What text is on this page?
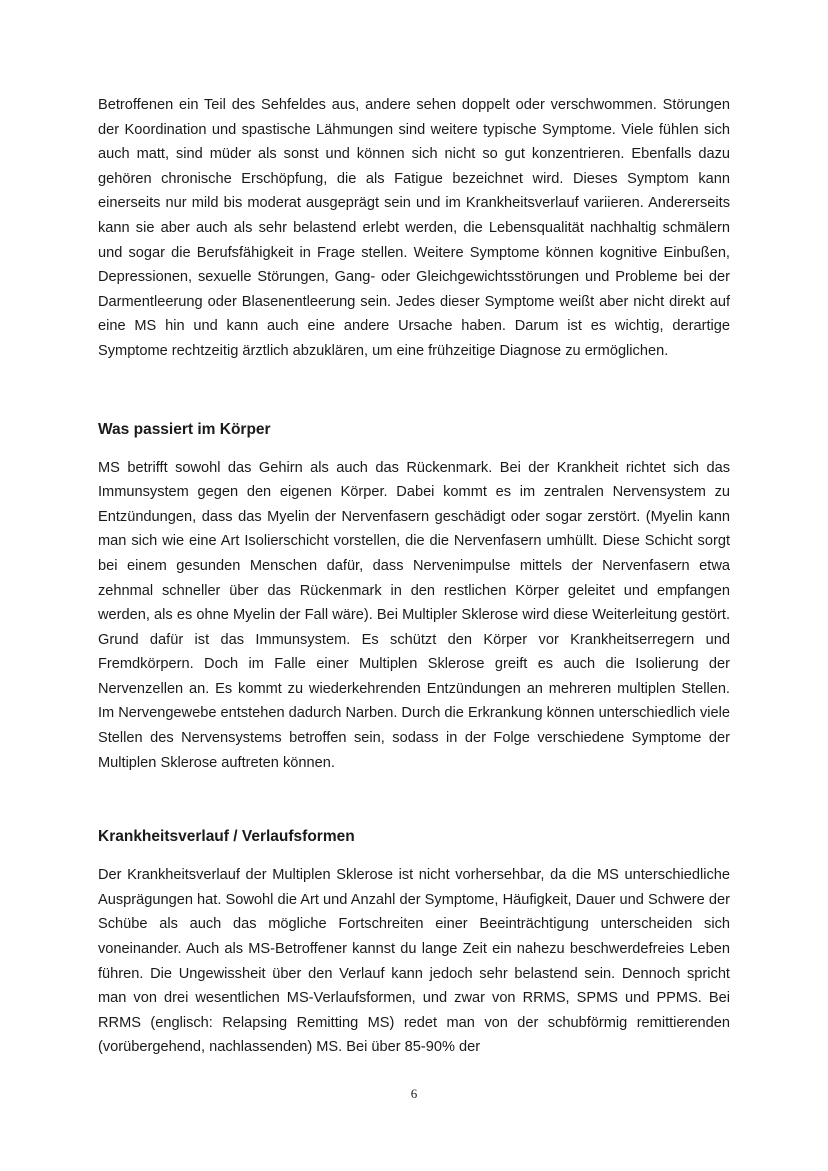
Betroffenen ein Teil des Sehfeldes aus, andere sehen doppelt oder verschwommen. Störungen der Koordination und spastische Lähmungen sind weitere typische Symptome. Viele fühlen sich auch matt, sind müder als sonst und können sich nicht so gut konzentrieren. Ebenfalls dazu gehören chronische Erschöpfung, die als Fatigue bezeichnet wird. Dieses Symptom kann einerseits nur mild bis moderat ausgeprägt sein und im Krankheitsverlauf variieren. Andererseits kann sie aber auch als sehr belastend erlebt werden, die Lebensqualität nachhaltig schmälern und sogar die Berufsfähigkeit in Frage stellen. Weitere Symptome können kognitive Einbußen, Depressionen, sexuelle Störungen, Gang- oder Gleichgewichtsstörungen und Probleme bei der Darmentleerung oder Blasenentleerung sein. Jedes dieser Symptome weißt aber nicht direkt auf eine MS hin und kann auch eine andere Ursache haben. Darum ist es wichtig, derartige Symptome rechtzeitig ärztlich abzuklären, um eine frühzeitige Diagnose zu ermöglichen.

Was passiert im Körper

MS betrifft sowohl das Gehirn als auch das Rückenmark. Bei der Krankheit richtet sich das Immunsystem gegen den eigenen Körper. Dabei kommt es im zentralen Nervensystem zu Entzündungen, dass das Myelin der Nervenfasern geschädigt oder sogar zerstört. (Myelin kann man sich wie eine Art Isolierschicht vorstellen, die die Nervenfasern umhüllt. Diese Schicht sorgt bei einem gesunden Menschen dafür, dass Nervenimpulse mittels der Nervenfasern etwa zehnmal schneller über das Rückenmark in den restlichen Körper geleitet und empfangen werden, als es ohne Myelin der Fall wäre). Bei Multipler Sklerose wird diese Weiterleitung gestört. Grund dafür ist das Immunsystem. Es schützt den Körper vor Krankheitserregern und Fremdkörpern. Doch im Falle einer Multiplen Sklerose greift es auch die Isolierung der Nervenzellen an. Es kommt zu wiederkehrenden Entzündungen an mehreren multiplen Stellen. Im Nervengewebe entstehen dadurch Narben. Durch die Erkrankung können unterschiedlich viele Stellen des Nervensystems betroffen sein, sodass in der Folge verschiedene Symptome der Multiplen Sklerose auftreten können.

Krankheitsverlauf / Verlaufsformen

Der Krankheitsverlauf der Multiplen Sklerose ist nicht vorhersehbar, da die MS unterschiedliche Ausprägungen hat. Sowohl die Art und Anzahl der Symptome, Häufigkeit, Dauer und Schwere der Schübe als auch das mögliche Fortschreiten einer Beeinträchtigung unterscheiden sich voneinander. Auch als MS-Betroffener kannst du lange Zeit ein nahezu beschwerdefreies Leben führen. Die Ungewissheit über den Verlauf kann jedoch sehr belastend sein. Dennoch spricht man von drei wesentlichen MS-Verlaufsformen, und zwar von RRMS, SPMS und PPMS. Bei RRMS (englisch: Relapsing Remitting MS) redet man von der schubförmig remittierenden (vorübergehend, nachlassenden) MS. Bei über 85-90% der

6
